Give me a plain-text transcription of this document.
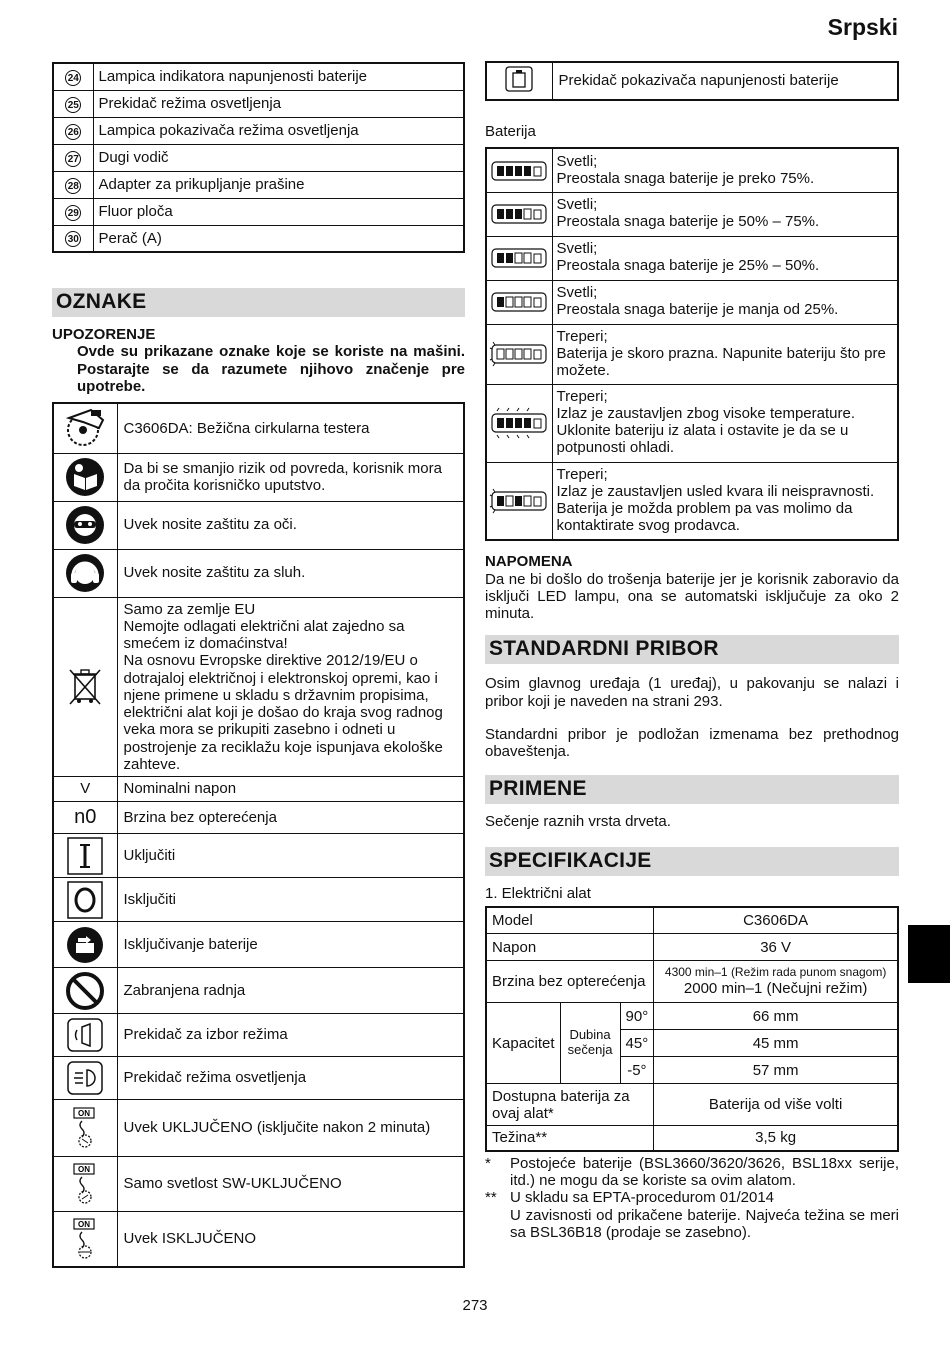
Srpski
24	Lampica indikatora napunjenosti baterije
25	Prekidač režima osvetljenja
26	Lampica pokazivača režima osvetljenja
27	Dugi vodič
28	Adapter za prikupljanje prašine
29	Fluor ploča
30	Perač (A)
OZNAKE
UPOZORENJE
Ovde su prikazane oznake koje se koriste na mašini. Postarajte se da razumete njihovo značenje pre upotrebe.
	C3606DA: Bežična cirkularna testera

	Da bi se smanjio rizik od povreda, korisnik mora da pročita korisničko uputstvo.

	Uvek nosite zaštitu za oči.

	Uvek nosite zaštitu za sluh.

	Samo za zemlje EU
Nemojte odlagati električni alat zajedno sa smećem iz domaćinstva!
Na osnovu Evropske direktive 2012/19/EU o dotrajaloj električnoj i elektronskoj opremi, kao i njene primene u skladu s državnim propisima, električni alat koji je došao do kraja svog radnog veka mora se prikupiti zasebno i odneti u postrojenje za reciklažu koje ispunjava ekološke zahteve.
V	Nominalni napon
n0	Brzina bez opterećenja

	Uključiti

	Isključiti

	Isključivanje baterije

	Zabranjena radnja

	Prekidač za izbor režima

	Prekidač režima osvetljenja

ON	Uvek UKLJUČENO (isključite nakon 2 minuta)

ON	Samo svetlost SW-UKLJUČENO

ON	Uvek ISKLJUČENO
	Prekidač pokazivača napunjenosti baterije
Baterija

Svetli;
Preostala snaga baterije je preko 75%.

Svetli;
Preostala snaga baterije je 50% – 75%.

Svetli;
Preostala snaga baterije je 25% – 50%.

Svetli;
Preostala snaga baterije je manja od 25%.

Treperi;
Baterija je skoro prazna. Napunite bateriju što pre možete.

Treperi;
Izlaz je zaustavljen zbog visoke temperature. Uklonite bateriju iz alata i ostavite je da se u potpunosti ohladi.

Treperi;
Izlaz je zaustavljen usled kvara ili neispravnosti. Baterija je možda problem pa vas molimo da kontaktirate svog prodavca.
NAPOMENA

Da ne bi došlo do trošenja baterije jer je korisnik zaboravio da isključi LED lampu, ona se automatski isključuje za oko 2 minuta.

STANDARDNI PRIBOR

Osim glavnog uređaja (1 uređaj), u pakovanju se nalazi i pribor koji je naveden na strani 293.

Standardni pribor je podložan izmenama bez prethodnog obaveštenja.

PRIMENE

Sečenje raznih vrsta drveta.

SPECIFIKACIJE
1. Električni alat
Model			C3606DA
Napon			36 V
Brzina bez opterećenja			4300 min–1 (Režim rada punom snagom)
2000 min–1 (Nečujni režim)

Kapacitet	Dubina sečenja	90°	66 mm
		45°	45 mm
		-5°	57 mm
Dostupna baterija za ovaj alat*			Baterija od više volti
Težina**			3,5 kg
*	Postojeće baterije (BSL3660/3620/3626, BSL18xx serije, itd.) ne mogu da se koriste sa ovim alatom.
** U skladu sa EPTA-procedurom 01/2014
U zavisnosti od prikačene baterije. Najveća težina se meri sa BSL36B18 (prodaje se zasebno).
273
